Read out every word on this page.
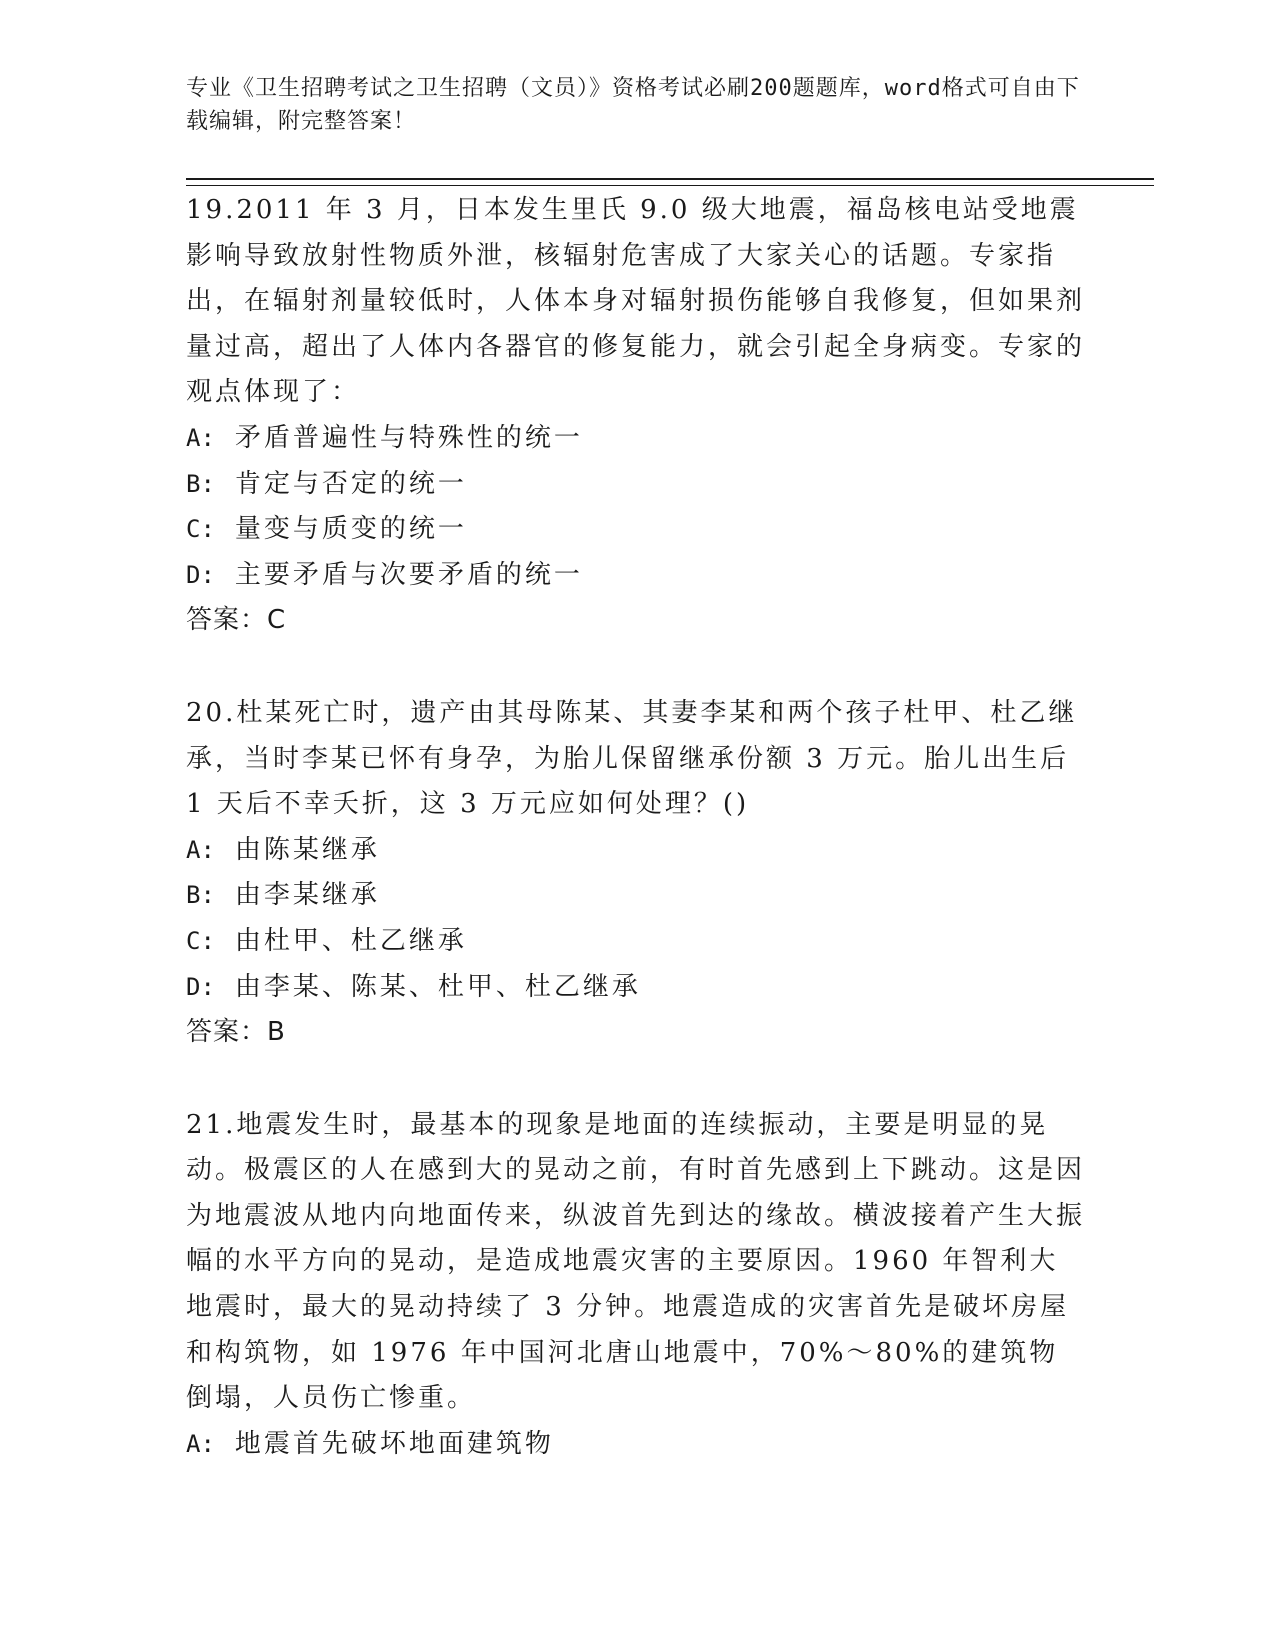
专业《卫生招聘考试之卫生招聘（文员）》资格考试必刷200题题库，word格式可自由下载编辑，附完整答案！

19.2011 年 3 月，日本发生里氏 9.0 级大地震，福岛核电站受地震影响导致放射性物质外泄，核辐射危害成了大家关心的话题。专家指出，在辐射剂量较低时，人体本身对辐射损伤能够自我修复，但如果剂量过高，超出了人体内各器官的修复能力，就会引起全身病变。专家的观点体现了：

A: 矛盾普遍性与特殊性的统一
B: 肯定与否定的统一
C: 量变与质变的统一
D: 主要矛盾与次要矛盾的统一
答案：C

20.杜某死亡时，遗产由其母陈某、其妻李某和两个孩子杜甲、杜乙继承，当时李某已怀有身孕，为胎儿保留继承份额 3 万元。胎儿出生后 1 天后不幸夭折，这 3 万元应如何处理？()

A: 由陈某继承
B: 由李某继承
C: 由杜甲、杜乙继承
D: 由李某、陈某、杜甲、杜乙继承
答案：B

21.地震发生时，最基本的现象是地面的连续振动，主要是明显的晃动。极震区的人在感到大的晃动之前，有时首先感到上下跳动。这是因为地震波从地内向地面传来，纵波首先到达的缘故。横波接着产生大振幅的水平方向的晃动，是造成地震灾害的主要原因。1960 年智利大地震时，最大的晃动持续了 3 分钟。地震造成的灾害首先是破坏房屋和构筑物，如 1976 年中国河北唐山地震中，70%～80%的建筑物倒塌，人员伤亡惨重。

A: 地震首先破坏地面建筑物
